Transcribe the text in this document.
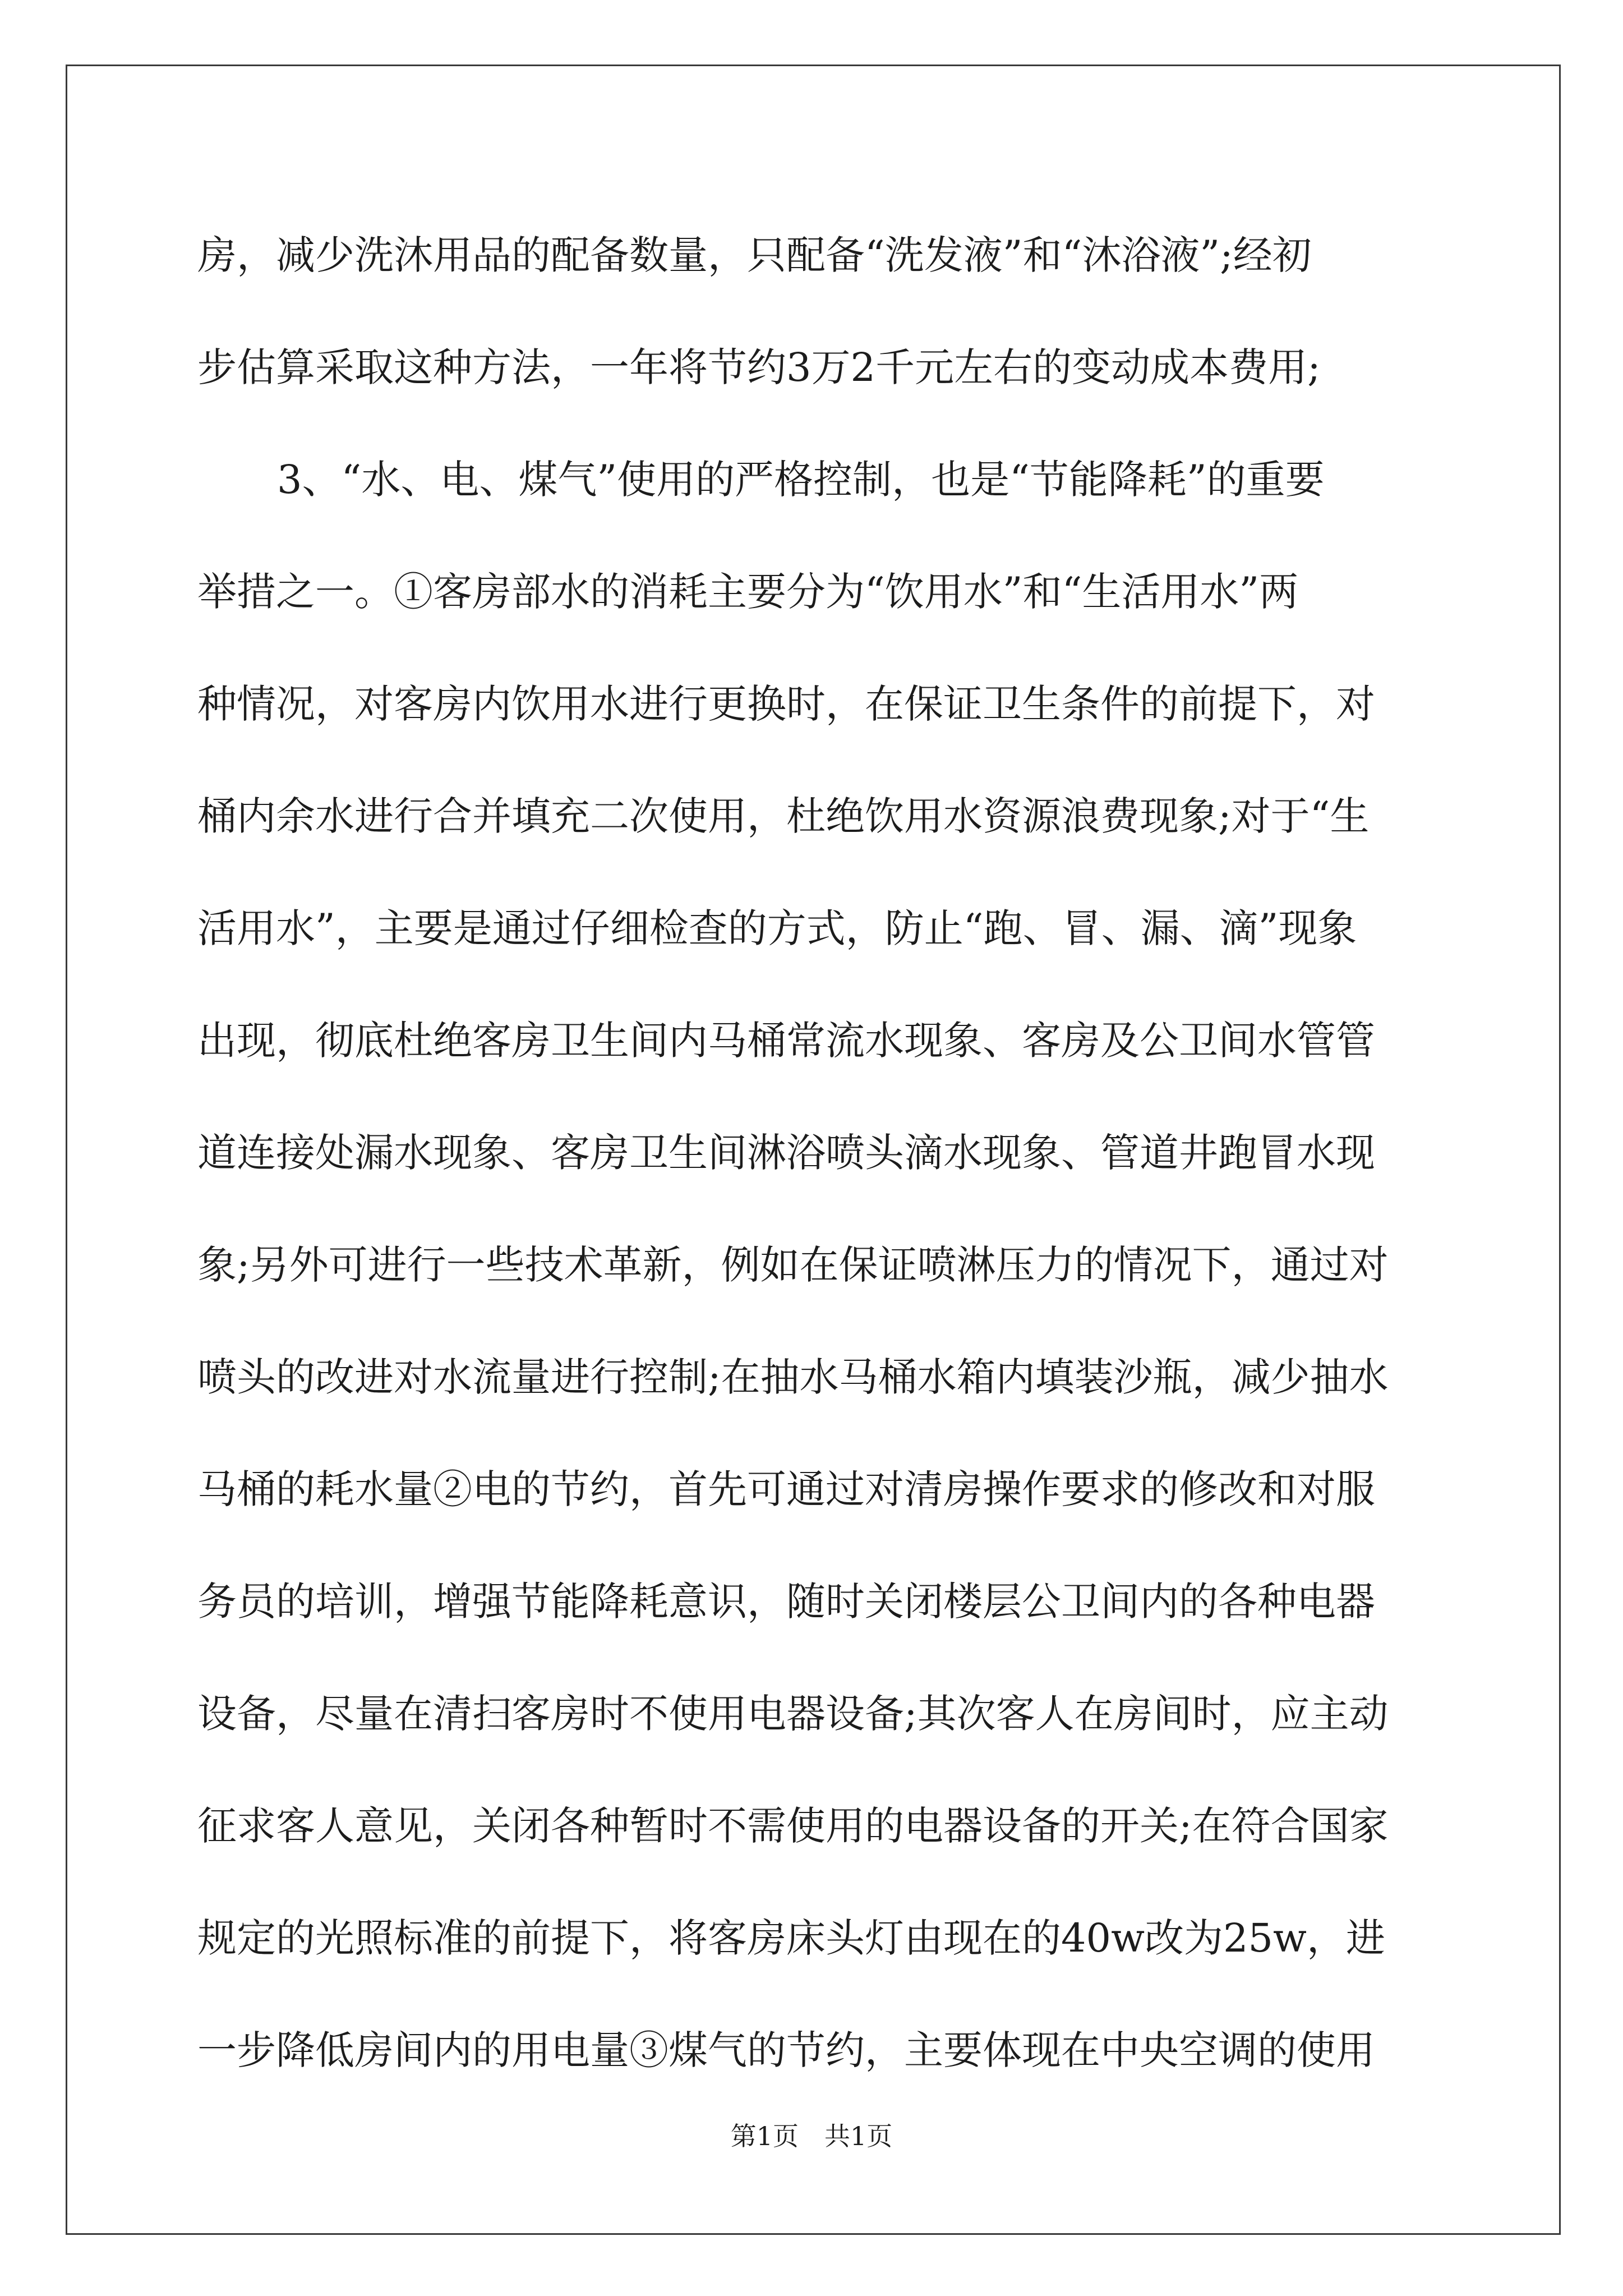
房，减少洗沐用品的配备数量，只配备“洗发液”和“沐浴液”;经初
步估算采取这种方法，一年将节约3万2千元左右的变动成本费用;
3、“水、电、煤气”使用的严格控制，也是“节能降耗”的重要
举措之一。①客房部水的消耗主要分为“饮用水”和“生活用水”两
种情况，对客房内饮用水进行更换时，在保证卫生条件的前提下，对
桶内余水进行合并填充二次使用，杜绝饮用水资源浪费现象;对于“生
活用水”，主要是通过仔细检查的方式，防止“跑、冒、漏、滴”现象
出现，彻底杜绝客房卫生间内马桶常流水现象、客房及公卫间水管管
道连接处漏水现象、客房卫生间淋浴喷头滴水现象、管道井跑冒水现
象;另外可进行一些技术革新，例如在保证喷淋压力的情况下，通过对
喷头的改进对水流量进行控制;在抽水马桶水箱内填装沙瓶，减少抽水
马桶的耗水量②电的节约，首先可通过对清房操作要求的修改和对服
务员的培训，增强节能降耗意识，随时关闭楼层公卫间内的各种电器
设备，尽量在清扫客房时不使用电器设备;其次客人在房间时，应主动
征求客人意见，关闭各种暂时不需使用的电器设备的开关;在符合国家
规定的光照标准的前提下，将客房床头灯由现在的40w改为25w，进
一步降低房间内的用电量③煤气的节约，主要体现在中央空调的使用
第1页 共1页
